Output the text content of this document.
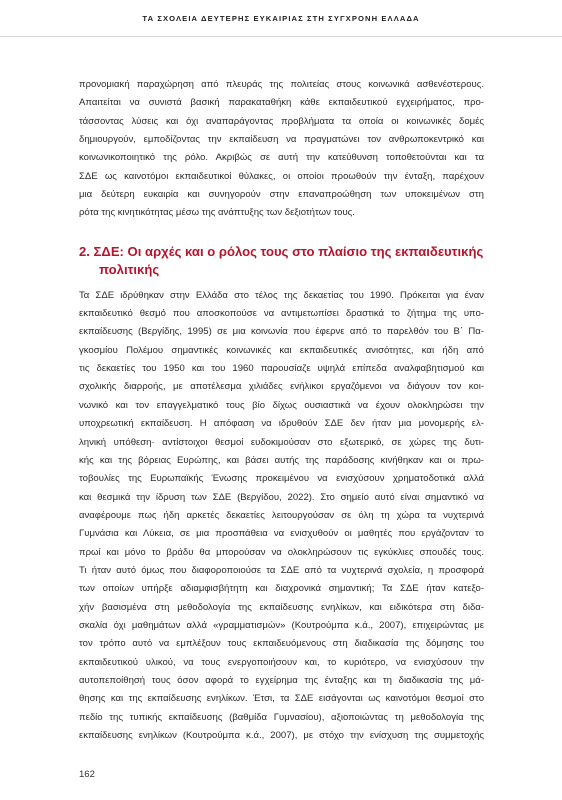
ΤΑ ΣΧΟΛΕΙΑ ΔΕΥΤΕΡΗΣ ΕΥΚΑΙΡΙΑΣ ΣΤΗ ΣΥΓΧΡΟΝΗ ΕΛΛΑΔΑ

προνομιακή παραχώρηση από πλευράς της πολιτείας στους κοινωνικά ασθενέστερους.
Απαιτείται να συνιστά βασική παρακαταθήκη κάθε εκπαιδευτικού εγχειρήματος, προ-
τάσσοντας λύσεις και όχι αναπαράγοντας προβλήματα τα οποία οι κοινωνικές δομές
δημιουργούν, εμποδίζοντας την εκπαίδευση να πραγματώνει τον ανθρωποκεντρικό και
κοινωνικοποιητικό της ρόλο. Ακριβώς σε αυτή την κατεύθυνση τοποθετούνται και τα
ΣΔΕ ως καινοτόμοι εκπαιδευτικοί θύλακες, οι οποίοι προωθούν την ένταξη, παρέχουν
μια δεύτερη ευκαιρία και συνηγορούν στην επαναπροώθηση των υποκειμένων στη
ρότα της κινητικότητας μέσω της ανάπτυξης των δεξιοτήτων τους.

2. ΣΔΕ: Οι αρχές και ο ρόλος τους στο πλαίσιο της εκπαιδευτικής
πολιτικής

Τα ΣΔΕ ιδρύθηκαν στην Ελλάδα στο τέλος της δεκαετίας του 1990. Πρόκειται για έναν
εκπαιδευτικό θεσμό που αποσκοπούσε να αντιμετωπίσει δραστικά το ζήτημα της υπο-
εκπαίδευσης (Βεργίδης, 1995) σε μια κοινωνία που έφερνε από το παρελθόν του Β΄ Πα-
γκοσμίου Πολέμου σημαντικές κοινωνικές και εκπαιδευτικές ανισότητες, και ήδη από
τις δεκαετίες του 1950 και του 1960 παρουσίαζε υψηλά επίπεδα αναλφαβητισμού και
σχολικής διαρροής, με αποτέλεσμα χιλιάδες ενήλικοι εργαζόμενοι να διάγουν τον κοι-
νωνικό και τον επαγγελματικό τους βίο δίχως ουσιαστικά να έχουν ολοκληρώσει την
υποχρεωτική εκπαίδευση. Η απόφαση να ιδρυθούν ΣΔΕ δεν ήταν μια μονομερής ελ-
ληνική υπόθεση· αντίστοιχοι θεσμοί ευδοκιμούσαν στο εξωτερικό, σε χώρες της δυτι-
κής και της βόρειας Ευρώπης, και βάσει αυτής της παράδοσης κινήθηκαν και οι πρω-
τοβουλίες της Ευρωπαϊκής Ένωσης προκειμένου να ενισχύσουν χρηματοδοτικά αλλά
και θεσμικά την ίδρυση των ΣΔΕ (Βεργίδου, 2022). Στο σημείο αυτό είναι σημαντικό να
αναφέρουμε πως ήδη αρκετές δεκαετίες λειτουργούσαν σε όλη τη χώρα τα νυχτερινά
Γυμνάσια και Λύκεια, σε μια προσπάθεια να ενισχυθούν οι μαθητές που εργάζονταν το
πρωί και μόνο το βράδυ θα μπορούσαν να ολοκληρώσουν τις εγκύκλιες σπουδές τους.
Τι ήταν αυτό όμως που διαφοροποιούσε τα ΣΔΕ από τα νυχτερινά σχολεία, η προσφορά
των οποίων υπήρξε αδιαμφισβήτητη και διαχρονικά σημαντική; Τα ΣΔΕ ήταν κατεξο-
χήν βασισμένα στη μεθοδολογία της εκπαίδευσης ενηλίκων, και ειδικότερα στη διδα-
σκαλία όχι μαθημάτων αλλά «γραμματισμών» (Κουτρούμπα κ.ά., 2007), επιχειρώντας με
τον τρόπο αυτό να εμπλέξουν τους εκπαιδευόμενους στη διαδικασία της δόμησης του
εκπαιδευτικού υλικού, να τους ενεργοποιήσουν και, το κυριότερο, να ενισχύσουν την
αυτοπεποίθησή τους όσον αφορά το εγχείρημα της ένταξης και τη διαδικασία της μά-
θησης και της εκπαίδευσης ενηλίκων. Έτσι, τα ΣΔΕ εισάγονται ως καινοτόμοι θεσμοί στο
πεδίο της τυπικής εκπαίδευσης (βαθμίδα Γυμνασίου), αξιοποιώντας τη μεθοδολογία της
εκπαίδευσης ενηλίκων (Κουτρούμπα κ.ά., 2007), με στόχο την ενίσχυση της συμμετοχής

162
